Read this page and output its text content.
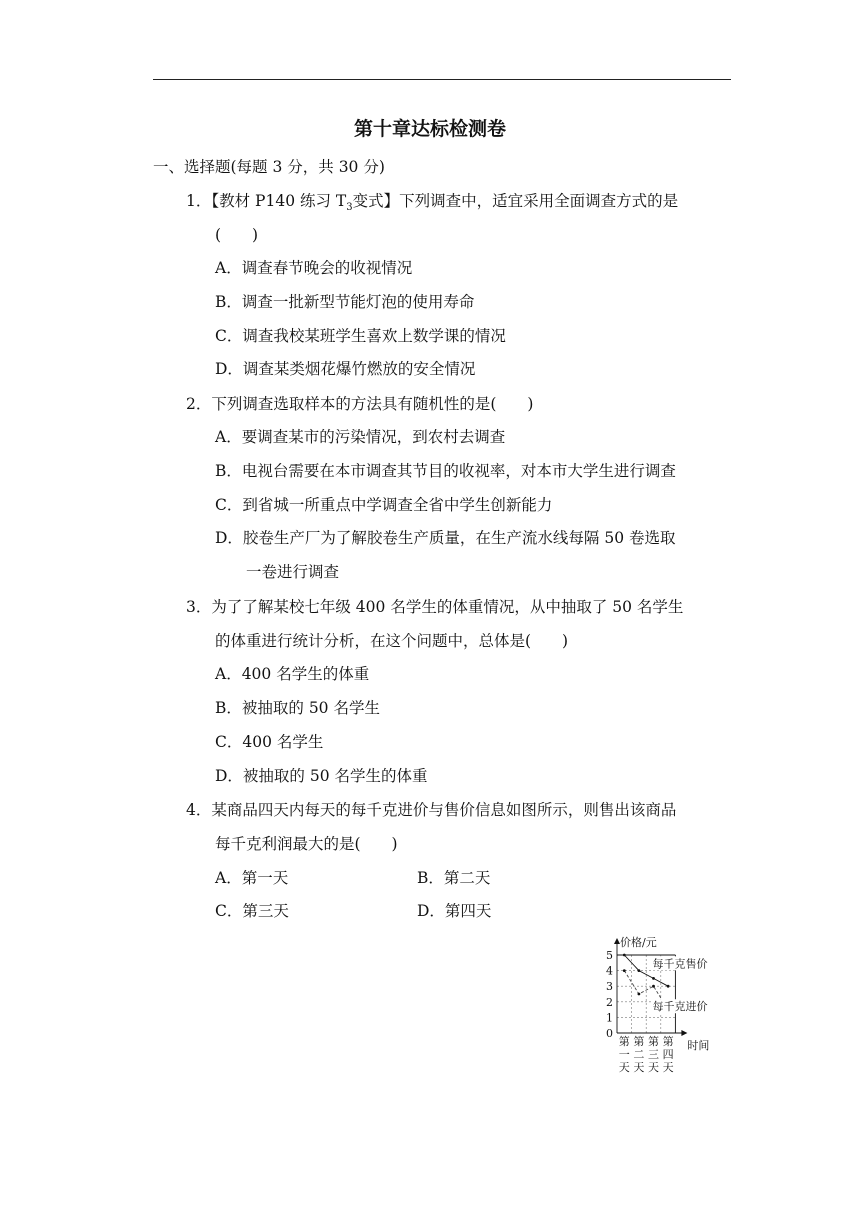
第十章达标检测卷
一、选择题(每题 3 分，共 30 分)
1．【教材 P140 练习 $T_3$变式】下列调查中，适宜采用全面调查方式的是
(　　)
A．调查春节晚会的收视情况
B．调查一批新型节能灯泡的使用寿命
C．调查我校某班学生喜欢上数学课的情况
D．调查某类烟花爆竹燃放的安全情况
2．下列调查选取样本的方法具有随机性的是(　　)
A．要调查某市的污染情况，到农村去调查
B．电视台需要在本市调查其节目的收视率，对本市大学生进行调查
C．到省城一所重点中学调查全省中学生创新能力
D．胶卷生产厂为了解胶卷生产质量，在生产流水线每隔 50 卷选取
一卷进行调查
3．为了了解某校七年级 400 名学生的体重情况，从中抽取了 50 名学生
的体重进行统计分析，在这个问题中，总体是(　　)
A．400 名学生的体重
B．被抽取的 50 名学生
C．400 名学生
D．被抽取的 50 名学生的体重
4．某商品四天内每天的每千克进价与售价信息如图所示，则售出该商品
每千克利润最大的是(　　)
A．第一天	B．第二天
C．第三天	D．第四天
0
1
2
3
4
5
价格/元
时间
第
一
天
第
二
天
第
三
天
第
四
天
每千克售价
每千克进价
